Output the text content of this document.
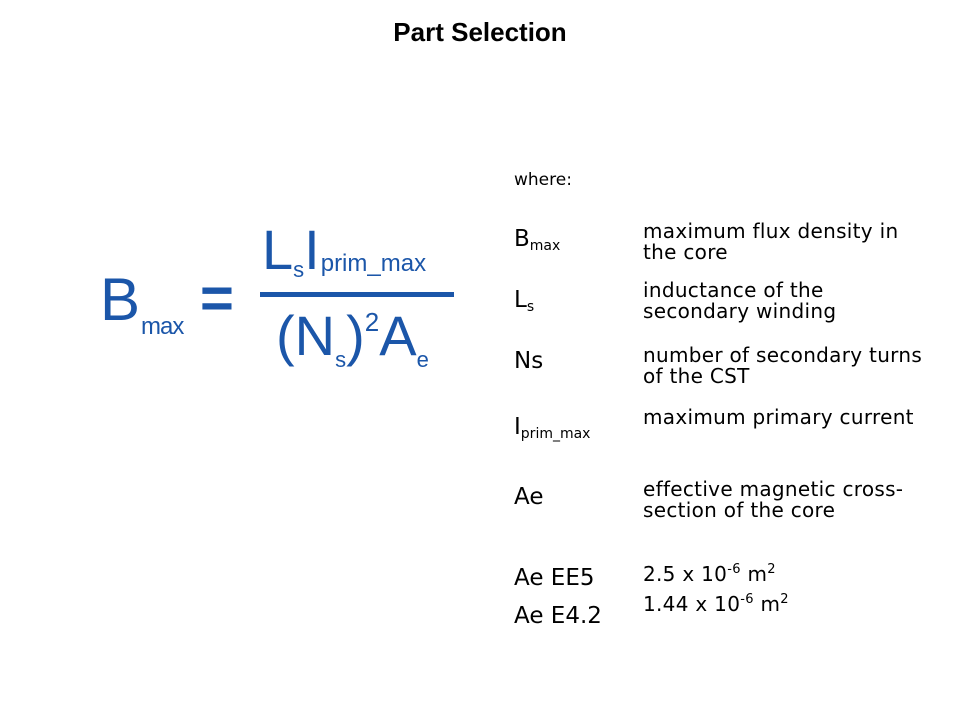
Part Selection
$B_{max}$ =
$L_sI_{prim\_max}$
$(N_s)^2A_e$
where:
$B_{max}$
maximum flux density in the core
$L_s$
inductance of the secondary winding
Ns	number of secondary turns of the CST
$I_{prim\_max}$
maximum primary current
Ae	effective magnetic cross-section of the core
Ae EE5 2.5 x $10^{-6}$ $m^2$
Ae E4.2 1.44 x $10^{-6}$ $m^2$
